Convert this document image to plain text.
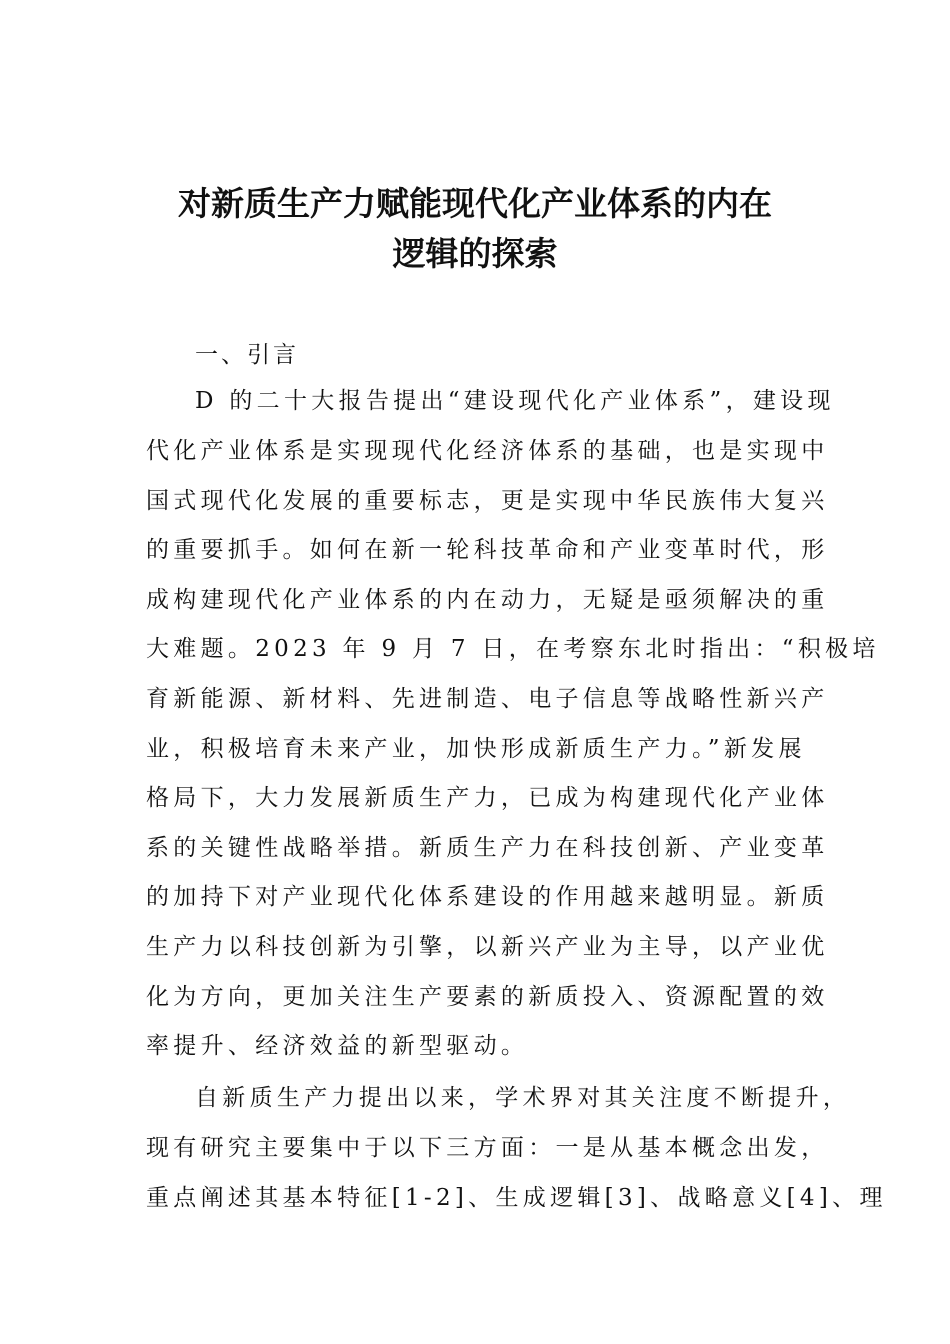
对新质生产力赋能现代化产业体系的内在
逻辑的探索
一、引言
D 的二十大报告提出“建设现代化产业体系”，建设现
代化产业体系是实现现代化经济体系的基础，也是实现中
国式现代化发展的重要标志，更是实现中华民族伟大复兴
的重要抓手。如何在新一轮科技革命和产业变革时代，形
成构建现代化产业体系的内在动力，无疑是亟须解决的重
大难题。2023 年 9 月 7 日，在考察东北时指出：“积极培
育新能源、新材料、先进制造、电子信息等战略性新兴产
业，积极培育未来产业，加快形成新质生产力。”新发展
格局下，大力发展新质生产力，已成为构建现代化产业体
系的关键性战略举措。新质生产力在科技创新、产业变革
的加持下对产业现代化体系建设的作用越来越明显。新质
生产力以科技创新为引擎，以新兴产业为主导，以产业优
化为方向，更加关注生产要素的新质投入、资源配置的效
率提升、经济效益的新型驱动。
自新质生产力提出以来，学术界对其关注度不断提升，
现有研究主要集中于以下三方面：一是从基本概念出发，
重点阐述其基本特征[1-2]、生成逻辑[3]、战略意义[4]、理
